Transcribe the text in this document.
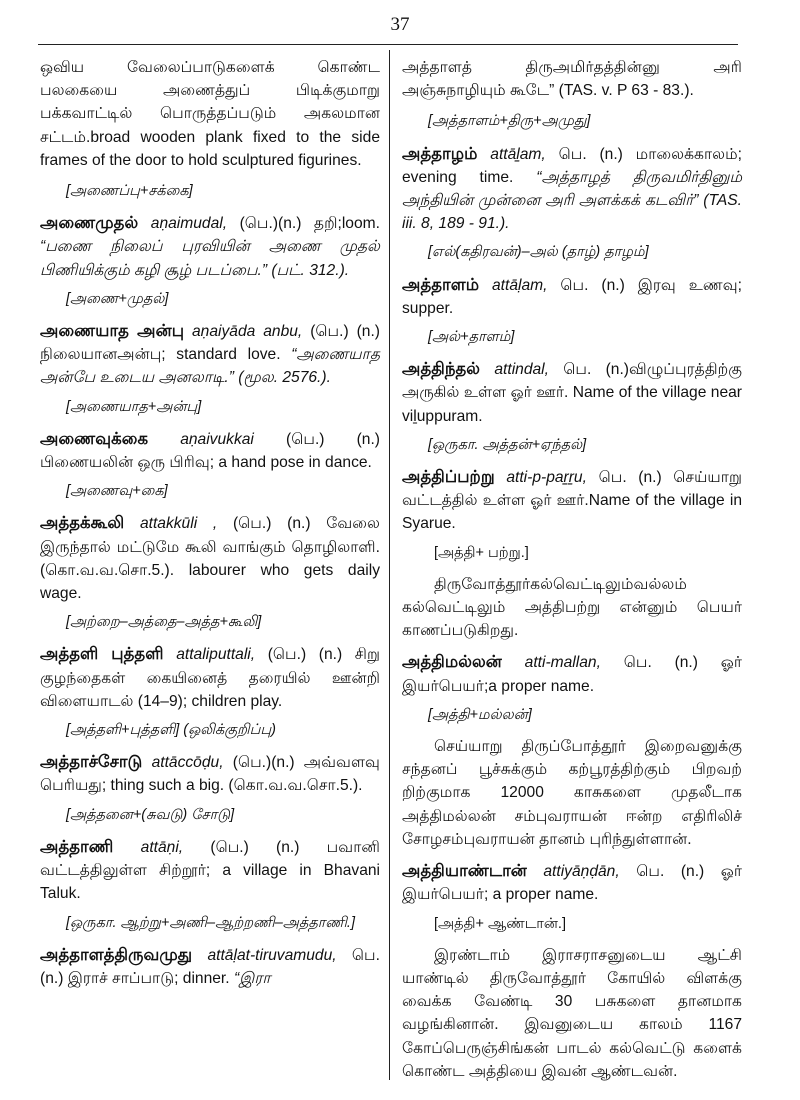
37
ஒவிய வேலைப்பாடுகளைக் கொண்ட பலகையை அணைத்துப் பிடிக்குமாறு பக்கவாட்டில் பொருத்தப்படும் அகலமான சட்டம்.broad wooden plank fixed to the side frames of the door to hold sculptured figurines.
[அணைப்பு+சக்கை]
அணைமுதல் aṇaimudal, (பெ.)(n.) தறி;loom. “பணை நிலைப் புரவியின் அணை முதல் பிணியிக்கும் கழி சூழ் படப்பை.” (பட். 312.).
[அணை+முதல்]
அணையாத அன்பு aṇaiyāda anbu, (பெ.) (n.) நிலையானஅன்பு; standard love. “அணையாத அன்பே உடைய அனலாடி.” (மூல. 2576.).
[அணையாத+அன்பு]
அணைவுக்கை aṇaivukkai (பெ.) (n.) பிணையலின் ஒரு பிரிவு; a hand pose in dance.
[அணைவு+கை]
அத்தக்கூலி attakkūli , (பெ.) (n.) வேலை இருந்தால் மட்டுமே கூலி வாங்கும் தொழிலாளி. (கொ.வ.வ.சொ.5.). labourer who gets daily wage.
[அற்றை–அத்தை–அத்த+கூலி]
அத்தளி புத்தளி attaliputtali, (பெ.) (n.) சிறு குழந்தைகள் கையினைத் தரையில் ஊன்றி விளையாடல் (14–9); children play.
[அத்தளி+புத்தளி] (ஒலிக்குறிப்பு)
அத்தாச்சோடு attāccōḍu, (பெ.)(n.) அவ்வளவு பெரியது; thing such a big. (கொ.வ.வ.சொ.5.).
[அத்தனை+(சுவடு) சோடு]
அத்தாணி attāṇi, (பெ.) (n.) பவானி வட்டத்திலுள்ள சிற்றூர்; a village in Bhavani Taluk.
[ஒருகா. ஆற்று+அணி–ஆற்றணி–அத்தாணி.]
அத்தாளத்திருவமுது attāḷat-tiruvamudu, பெ. (n.) இராச் சாப்பாடு; dinner. “இரா
அத்தாளத் திருஅமிர்தத்தின்னு அரி அஞ்சுநாழியும் கூடே” (TAS. v. P 63 - 83.).
[அத்தாளம்+திரு+அமுது]
அத்தாழம் attāḻam, பெ. (n.) மாலைக்காலம்; evening time. “அத்தாழத் திருவமிர்தினும் அந்தியின் முன்னை அரி அளக்கக் கடவிர்” (TAS. iii. 8, 189 - 91.).
[எல்(கதிரவன்)–அல் (தாழ்) தாழம்]
அத்தாளம் attāḷam, பெ. (n.) இரவு உணவு; supper.
[அல்+தாளம்]
அத்திந்தல் attindal, பெ. (n.)விழுப்புரத்திற்கு அருகில் உள்ள ஓர் ஊர். Name of the village near viḻuppuram.
[ஒருகா. அத்தன்+ஏந்தல்]
அத்திப்பற்று atti-p-paṟṟu, பெ. (n.) செய்யாறு வட்டத்தில் உள்ள ஓர் ஊர்.Name of the village in Syarue.
[அத்தி+ பற்று.]
திருவோத்தூர்கல்வெட்டிலும்வல்லம் கல்வெட்டிலும் அத்திபற்று என்னும் பெயர் காணப்படுகிறது.
அத்திமல்லன் atti-mallan, பெ. (n.) ஓர் இயர்பெயர்;a proper name.
[அத்தி+மல்லன்]
செய்யாறு திருப்போத்தூர் இறைவனுக்கு சந்தனப் பூச்சுக்கும் கற்பூரத்திற்கும் பிறவற் றிற்குமாக 12000 காசுகளை முதலீடாக அத்திமல்லன் சம்புவராயன் ஈன்ற எதிரிலிச் சோழசம்புவராயன் தானம் புரிந்துள்ளான்.
அத்தியாண்டான் attiyāṇḍān, பெ. (n.) ஓர் இயர்பெயர்; a proper name.
[அத்தி+ ஆண்டான்.]
இரண்டாம் இராசராசனுடைய ஆட்சி யாண்டில் திருவோத்தூர் கோயில் விளக்கு வைக்க வேண்டி 30 பசுகளை தானமாக வழங்கினான். இவனுடைய காலம் 1167 கோப்பெருஞ்சிங்கன் பாடல் கல்வெட்டு களைக் கொண்ட அத்தியை இவன் ஆண்டவன்.
